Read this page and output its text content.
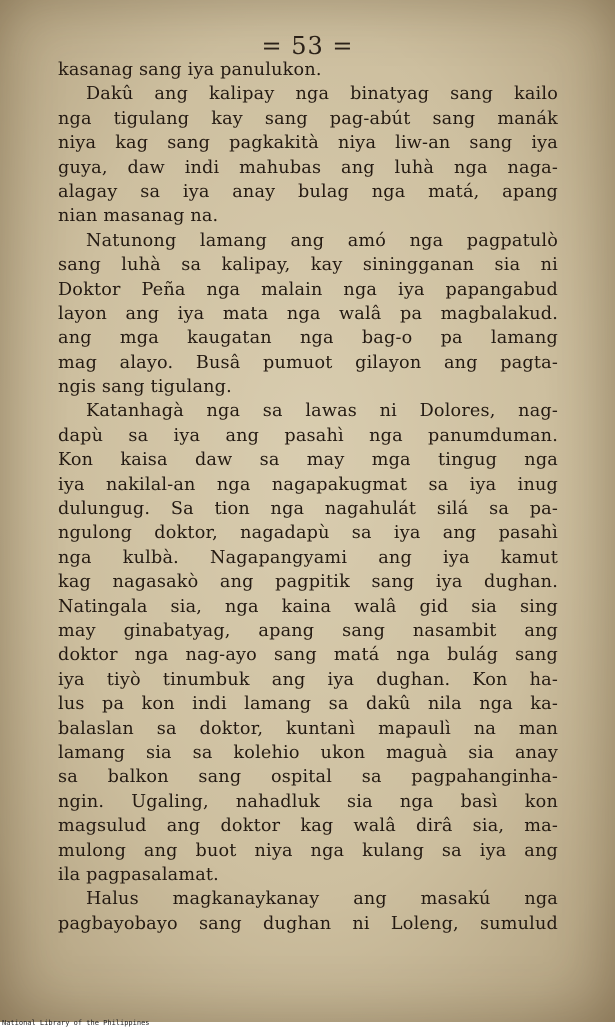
= 53 =
kasanag sang iya panulukon.
Dakû ang kalipay nga binatyag sang kailo
nga tigulang kay sang pag-abút sang manák
niya kag sang pagkakità niya liw-an sang iya
guya, daw indi mahubas ang luhà nga naga-
alagay sa iya anay bulag nga matá, apang
nian masanag na.
Natunong lamang ang amó nga pagpatulò
sang luhà sa kalipay, kay siningganan sia ni
Doktor Peña nga malain nga iya papangabud
layon ang iya mata nga walâ pa magbalakud.
ang mga kaugatan nga bag-o pa lamang
mag alayo. Busâ pumuot gilayon ang pagta-
ngis sang tigulang.
Katanhagà nga sa lawas ni Dolores, nag-
dapù sa iya ang pasahì nga panumduman.
Kon kaisa daw sa may mga tingug nga
iya nakilal-an nga nagapakugmat sa iya inug
dulungug. Sa tion nga nagahulát silá sa pa-
ngulong doktor, nagadapù sa iya ang pasahì
nga kulbà. Nagapangyami ang iya kamut
kag nagasakò ang pagpitik sang iya dughan.
Natingala sia, nga kaina walâ gid sia sing
may ginabatyag, apang sang nasambit ang
doktor nga nag-ayo sang matá nga bulág sang
iya tiyò tinumbuk ang iya dughan. Kon ha-
lus pa kon indi lamang sa dakû nila nga ka-
balaslan sa doktor, kuntanì mapaulì na man
lamang sia sa kolehio ukon maguà sia anay
sa balkon sang ospital sa pagpahanginha-
ngin. Ugaling, nahadluk sia nga basì kon
magsulud ang doktor kag walâ dirâ sia, ma-
mulong ang buot niya nga kulang sa iya ang
ila pagpasalamat.
Halus magkanaykanay ang masakú nga
pagbayobayo sang dughan ni Loleng, sumulud
National Library of the Philippines
